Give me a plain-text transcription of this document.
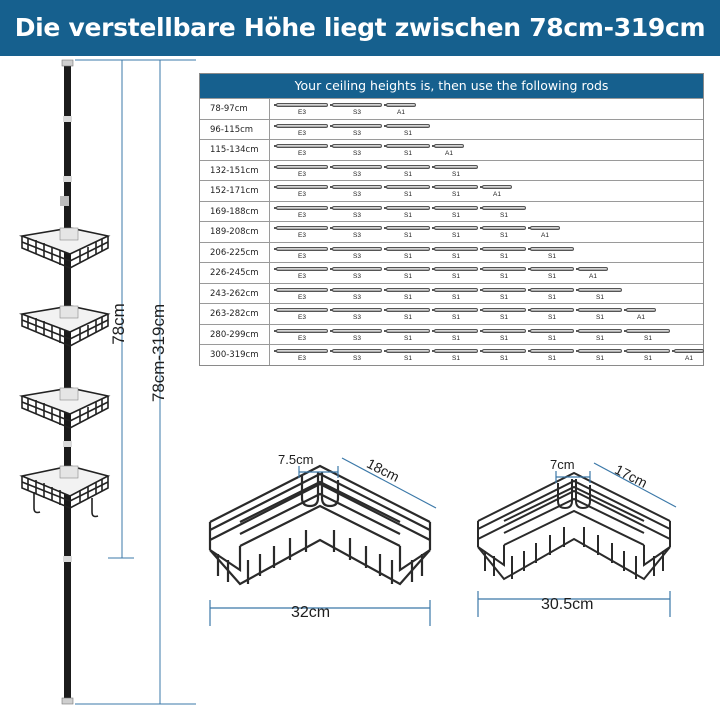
Die verstellbare Höhe liegt zwischen 78cm-319cm
78cm 78cm-319cm
Your ceiling heights is, then use the following rods
78-97cm	E3	S3	A1
96-115cm	E3	S3	S1
115-134cm	E3	S3	S1	A1
132-151cm	E3	S3	S1	S1
152-171cm	E3	S3	S1	S1	A1
169-188cm	E3	S3	S1	S1	S1
189-208cm	E3	S3	S1	S1	S1	A1
206-225cm	E3	S3	S1	S1	S1	S1
226-245cm	E3	S3	S1	S1	S1	S1	A1
243-262cm	E3	S3	S1	S1	S1	S1	S1
263-282cm	E3	S3	S1	S1	S1	S1	S1	A1
280-299cm	E3	S3	S1	S1	S1	S1	S1	S1
300-319cm	E3	S3	S1	S1	S1	S1	S1	S1	A1
7.5cm	18cm
32cm
7cm	17cm
30.5cm
